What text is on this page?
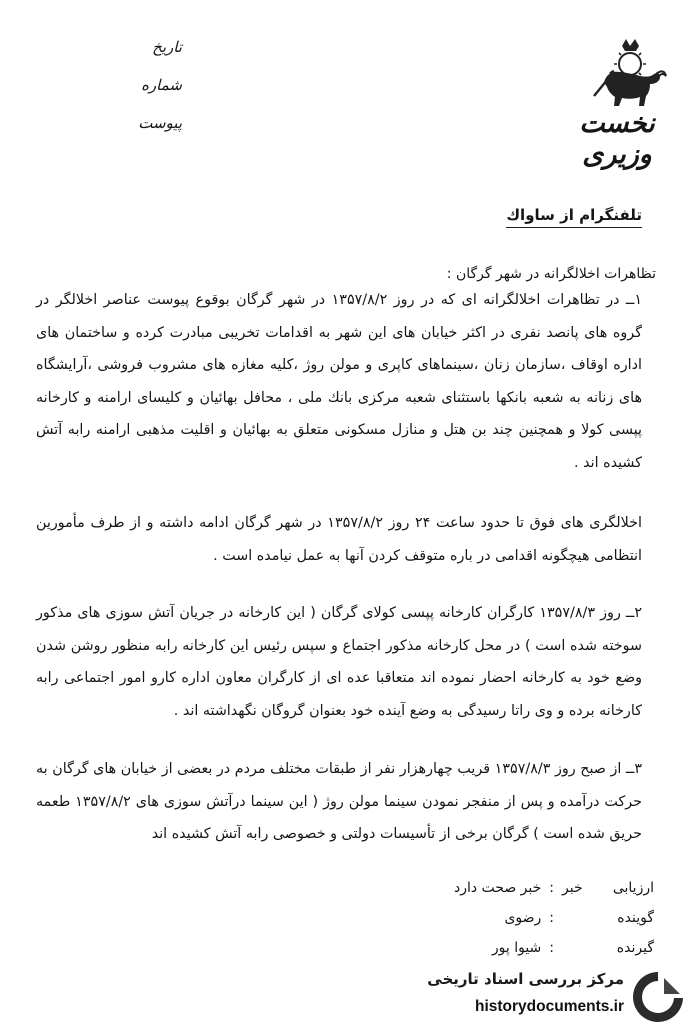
نخست وزیری
تاریخ
شماره
پیوست
تلفنگرام از ساواك
تظاهرات اخلالگرانه در شهر گرگان :

۱ــ در تظاهرات اخلالگرانه ای که در روز ۱۳۵۷/۸/۲ در شهر گرگان بوقوع پیوست عناصر اخلالگر در گروه های پانصد نفری در اکثر خیابان های این شهر به اقدامات تخریبی مبادرت کرده و ساختمان های اداره اوقاف ،سازمان زنان ،سینماهای کاپری و مولن روژ ،کلیه مغازه های مشروب فروشی ،آرایشگاه های زنانه به شعبه بانکها باستثنای شعبه مرکزی بانك ملی ، محافل بهائیان و کلیسای ارامنه و کارخانه پپسی کولا و همچنین چند بن هتل و منازل مسکونی متعلق به بهائیان و اقلیت مذهبی ارامنه رابه آتش کشیده اند .

اخلالگری های فوق تا حدود ساعت ۲۴ روز ۱۳۵۷/۸/۲ در شهر گرگان ادامه داشته و از طرف مأمورین انتظامی هیچگونه اقدامی در باره متوقف کردن آنها به عمل نیامده است .

۲ــ روز ۱۳۵۷/۸/۳ کارگران کارخانه پپسی کولای گرگان ( این کارخانه در جریان آتش سوزی های مذکور سوخته شده است ) در محل کارخانه مذکور اجتماع و سپس رئیس این کارخانه رابه منظور روشن شدن وضع خود به کارخانه احضار نموده اند متعاقبا عده ای از کارگران معاون اداره کارو امور اجتماعی رابه کارخانه برده و وی راتا رسیدگی به وضع آینده خود بعنوان گروگان نگهداشته اند .

۳ــ از صبح روز ۱۳۵۷/۸/۳ قریب چهارهزار نفر از طبقات مختلف مردم در بعضی از خیابان های گرگان به حرکت درآمده و پس از منفجر نمودن سینما مولن روژ ( این سینما درآتش سوزی های ۱۳۵۷/۸/۲ طعمه حریق شده است ) گرگان برخی از تأسیسات دولتی و خصوصی رابه آتش کشیده اند

ارزیابی خبر:خبر صحت دارد
گوینده:رضوی
گیرنده:شیوا پور
مرکز بررسی اسناد تاریخی
historydocuments.ir
